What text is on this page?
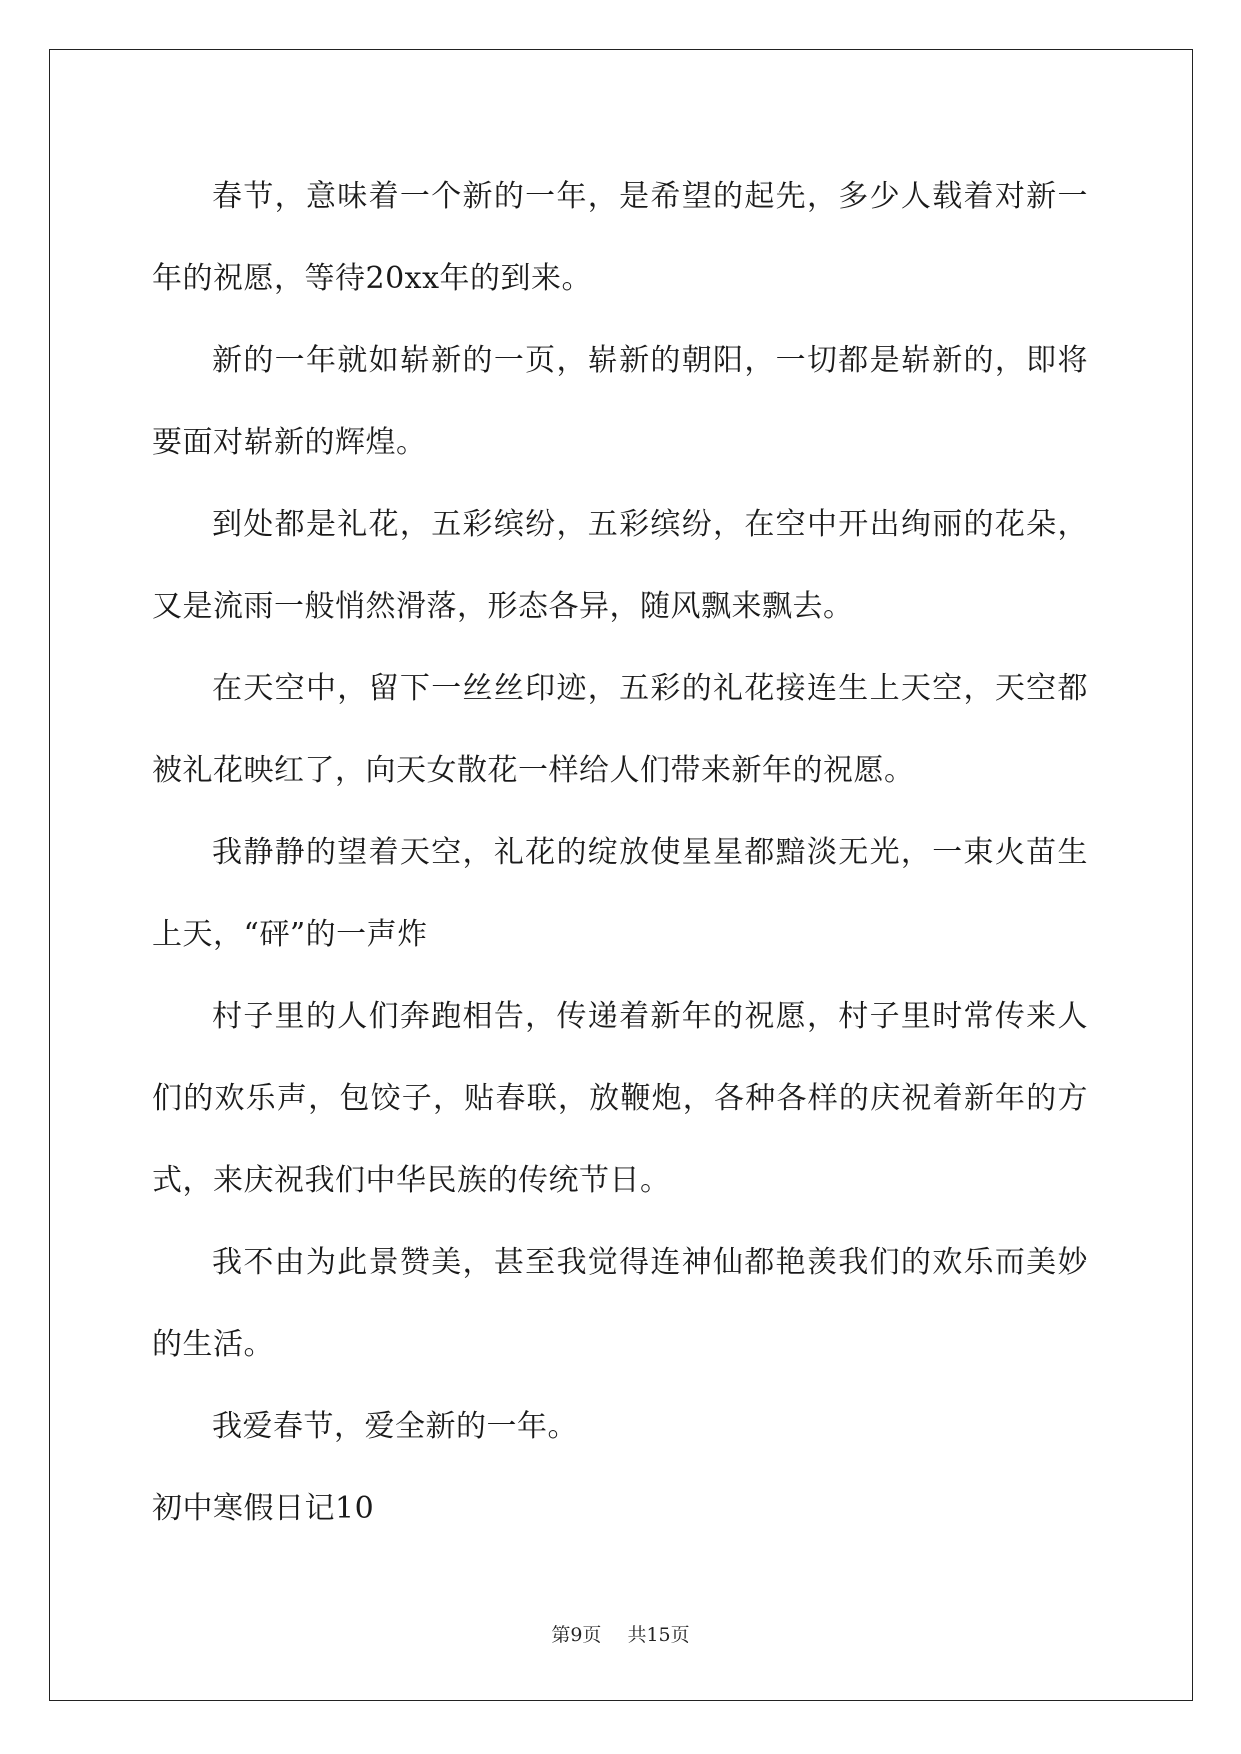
春节，意味着一个新的一年，是希望的起先，多少人载着对新一年的祝愿，等待20xx年的到来。

新的一年就如崭新的一页，崭新的朝阳，一切都是崭新的，即将要面对崭新的辉煌。

到处都是礼花，五彩缤纷，五彩缤纷，在空中开出绚丽的花朵，又是流雨一般悄然滑落，形态各异，随风飘来飘去。

在天空中，留下一丝丝印迹，五彩的礼花接连生上天空，天空都被礼花映红了，向天女散花一样给人们带来新年的祝愿。

我静静的望着天空，礼花的绽放使星星都黯淡无光，一束火苗生上天，“砰”的一声炸

村子里的人们奔跑相告，传递着新年的祝愿，村子里时常传来人们的欢乐声，包饺子，贴春联，放鞭炮，各种各样的庆祝着新年的方式，来庆祝我们中华民族的传统节日。

我不由为此景赞美，甚至我觉得连神仙都艳羡我们的欢乐而美妙的生活。

我爱春节，爱全新的一年。

初中寒假日记10

第9页 共15页
